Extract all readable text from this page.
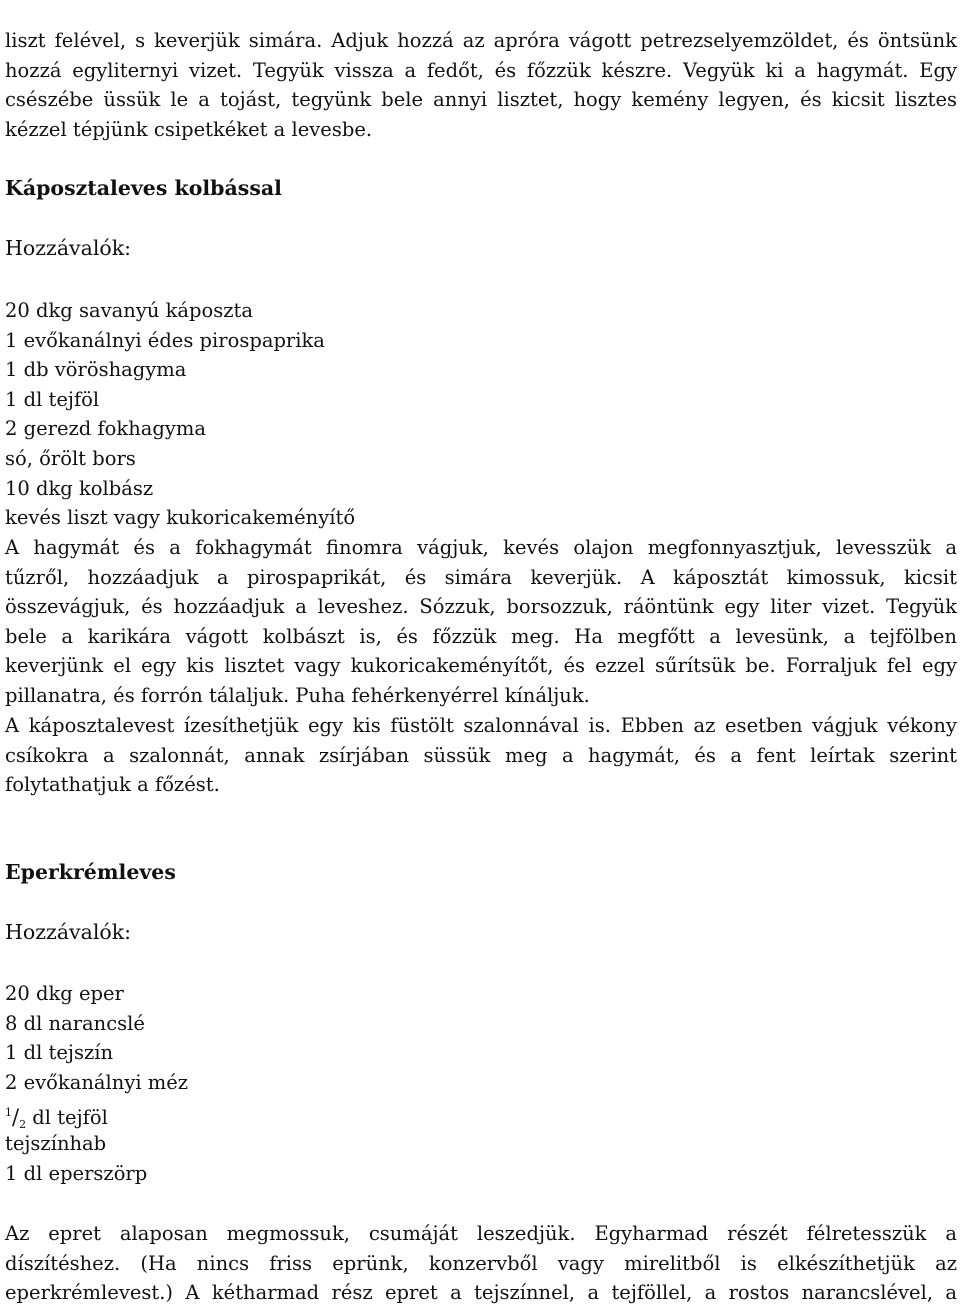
liszt felével, s keverjük simára. Adjuk hozzá az apróra vágott petrezselyemzöldet, és öntsünk
hozzá egyliternyi vizet. Tegyük vissza a fedőt, és főzzük készre. Vegyük ki a hagymát. Egy
csészébe üssük le a tojást, tegyünk bele annyi lisztet, hogy kemény legyen, és kicsit lisztes
kézzel tépjünk csipetkéket a levesbe.
Káposztaleves kolbással

Hozzávalók:

20 dkg savanyú káposzta
1 evőkanálnyi édes pirospaprika
1 db vöröshagyma
1 dl tejföl
2 gerezd fokhagyma
só, őrölt bors
10 dkg kolbász
kevés liszt vagy kukoricakeményítő
A hagymát és a fokhagymát finomra vágjuk, kevés olajon megfonnyasztjuk, levesszük a
tűzről, hozzáadjuk a pirospaprikát, és simára keverjük. A káposztát kimossuk, kicsit
összevágjuk, és hozzáadjuk a leveshez. Sózzuk, borsozzuk, ráöntünk egy liter vizet. Tegyük
bele a karikára vágott kolbászt is, és főzzük meg. Ha megfőtt a levesünk, a tejfölben
keverjünk el egy kis lisztet vagy kukoricakeményítőt, és ezzel sűrítsük be. Forraljuk fel egy
pillanatra, és forrón tálaljuk. Puha fehérkenyérrel kínáljuk.
A káposztalevest ízesíthetjük egy kis füstölt szalonnával is. Ebben az esetben vágjuk vékony
csíkokra a szalonnát, annak zsírjában süssük meg a hagymát, és a fent leírtak szerint
folytathatjuk a főzést.
Eperkrémleves

Hozzávalók:

20 dkg eper
8 dl narancslé
1 dl tejszín
2 evőkanálnyi méz
$^1/_2$ dl tejföl
tejszínhab
1 dl eperszörp
Az epret alaposan megmossuk, csumáját leszedjük. Egyharmad részét félretesszük a
díszítéshez. (Ha nincs friss eprünk, konzervből vagy mirelitből is elkészíthetjük az
eperkrémlevest.) A kétharmad rész epret a tejszínnel, a tejföllel, a rostos narancslével, a
